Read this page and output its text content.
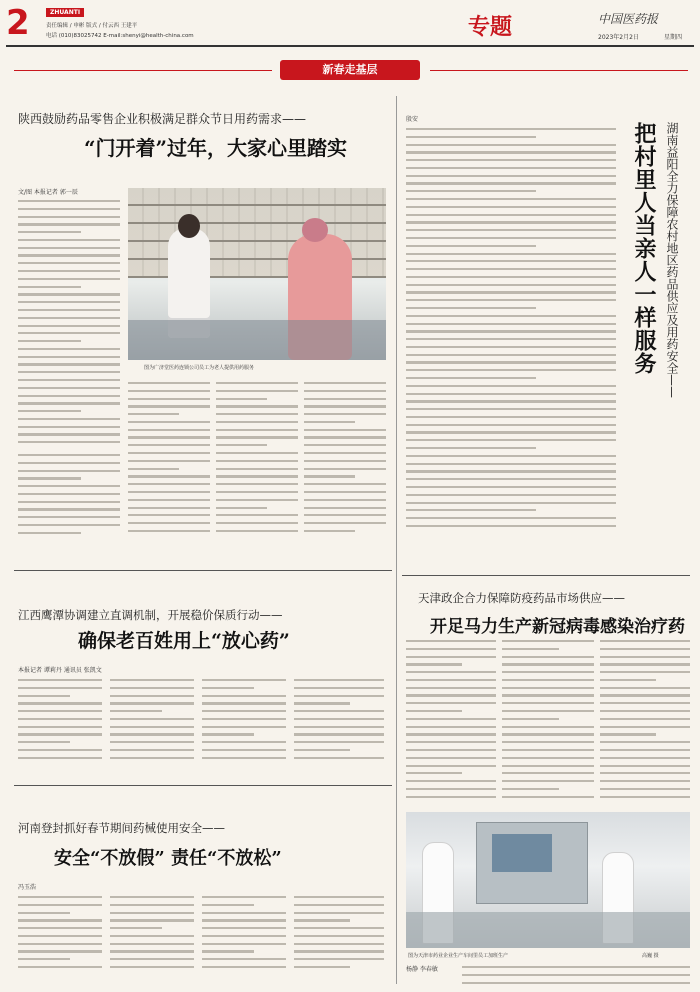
2	ZHUANTI
责任编辑 / 申彬 版式 / 付云西 王建平
电话 (010)83025742 E-mail:shenyi@health-china.com	专题	中国医药报
2023年2月2日	星期四
新春走基层
陕西鼓励药品零售企业积极满足群众节日用药需求——
“门开着”过年，大家心里踏实
文/图 本报记者 郭一辰
图为广济堂医药连锁公司员工为老人提供用药服务
殷安
把村里人当亲人一样服务 湖南益阳全力保障农村地区药品供应及用药安全——
江西鹰潭协调建立直调机制，开展稳价保质行动——
确保老百姓用上“放心药”
本报记者 谭莉丹 通讯员 张凯文
天津政企合力保障防疫药品市场供应——
开足马力生产新冠病毒感染治疗药
图为天津市药业企业生产车间里员工加班生产	高巍 摄
河南登封抓好春节期间药械使用安全——
安全“不放假” 责任“不放松”
冯玉浩
杨静 李春敏
